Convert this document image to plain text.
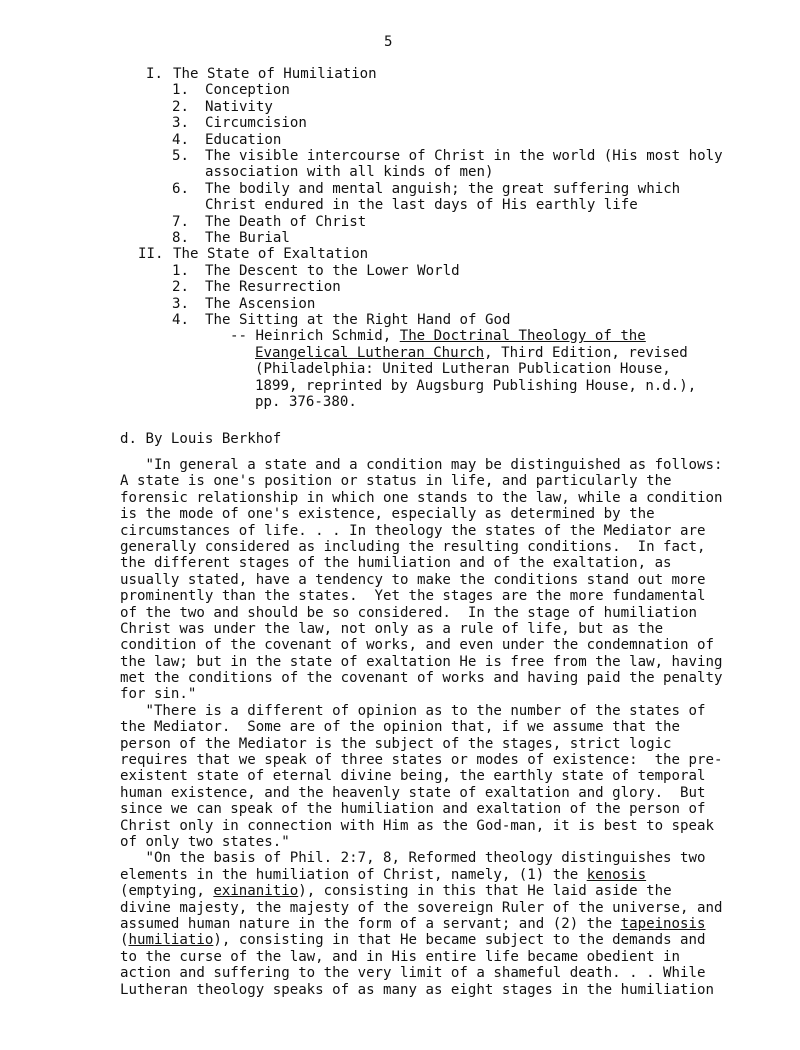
5
I. The State of Humiliation
1. Conception
2. Nativity
3. Circumcision
4. Education
5. The visible intercourse of Christ in the world (His most holy
association with all kinds of men)
6. The bodily and mental anguish; the great suffering which
Christ endured in the last days of His earthly life
7. The Death of Christ
8. The Burial
II. The State of Exaltation
1. The Descent to the Lower World
2. The Resurrection
3. The Ascension
4. The Sitting at the Right Hand of God
-- Heinrich Schmid, The Doctrinal Theology of the
Evangelical Lutheran Church, Third Edition, revised
(Philadelphia: United Lutheran Publication House,
1899, reprinted by Augsburg Publishing House, n.d.),
pp. 376-380.
d. By Louis Berkhof
"In general a state and a condition may be distinguished as follows:
A state is one's position or status in life, and particularly the
forensic relationship in which one stands to the law, while a condition
is the mode of one's existence, especially as determined by the
circumstances of life. . . In theology the states of the Mediator are
generally considered as including the resulting conditions.  In fact,
the different stages of the humiliation and of the exaltation, as
usually stated, have a tendency to make the conditions stand out more
prominently than the states.  Yet the stages are the more fundamental
of the two and should be so considered.  In the stage of humiliation
Christ was under the law, not only as a rule of life, but as the
condition of the covenant of works, and even under the condemnation of
the law; but in the state of exaltation He is free from the law, having
met the conditions of the covenant of works and having paid the penalty
for sin."
"There is a different of opinion as to the number of the states of
the Mediator.  Some are of the opinion that, if we assume that the
person of the Mediator is the subject of the stages, strict logic
requires that we speak of three states or modes of existence:  the pre-
existent state of eternal divine being, the earthly state of temporal
human existence, and the heavenly state of exaltation and glory.  But
since we can speak of the humiliation and exaltation of the person of
Christ only in connection with Him as the God-man, it is best to speak
of only two states."
"On the basis of Phil. 2:7, 8, Reformed theology distinguishes two
elements in the humiliation of Christ, namely, (1) the kenosis
(emptying, exinanitio), consisting in this that He laid aside the
divine majesty, the majesty of the sovereign Ruler of the universe, and
assumed human nature in the form of a servant; and (2) the tapeinosis
(humiliatio), consisting in that He became subject to the demands and
to the curse of the law, and in His entire life became obedient in
action and suffering to the very limit of a shameful death. . . While
Lutheran theology speaks of as many as eight stages in the humiliation
